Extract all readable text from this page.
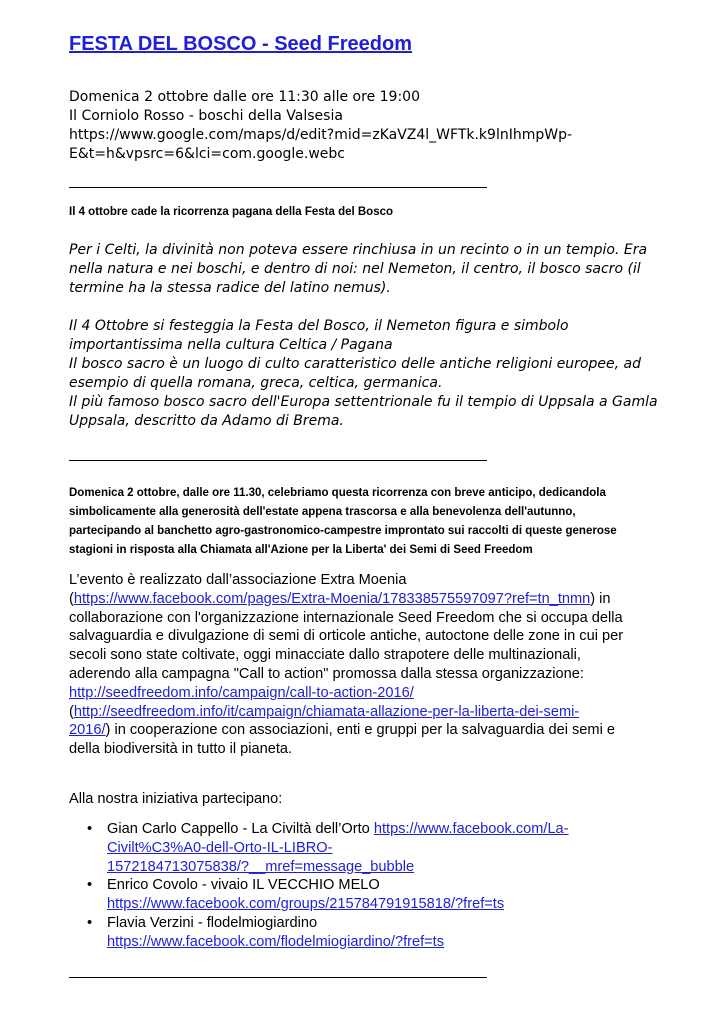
FESTA DEL BOSCO - Seed Freedom
Domenica 2 ottobre dalle ore 11:30 alle ore 19:00
Il Corniolo Rosso - boschi della Valsesia
https://www.google.com/maps/d/edit?mid=zKaVZ4l_WFTk.k9lnIhmpWp-
E&t=h&vpsrc=6&lci=com.google.webc
Il 4 ottobre cade la ricorrenza pagana della Festa del Bosco
Per i Celti, la divinità non poteva essere rinchiusa in un recinto o in un tempio. Era
nella natura e nei boschi, e dentro di noi: nel Nemeton, il centro, il bosco sacro (il
termine ha la stessa radice del latino nemus).
Il 4 Ottobre si festeggia la Festa del Bosco, il Nemeton figura e simbolo
importantissima nella cultura Celtica / Pagana
Il bosco sacro è un luogo di culto caratteristico delle antiche religioni europee, ad
esempio di quella romana, greca, celtica, germanica.
Il più famoso bosco sacro dell'Europa settentrionale fu il tempio di Uppsala a Gamla
Uppsala, descritto da Adamo di Brema.
Domenica 2 ottobre, dalle ore 11.30, celebriamo questa ricorrenza con breve anticipo, dedicandola
simbolicamente alla generosità dell'estate appena trascorsa e alla benevolenza dell'autunno,
partecipando al banchetto agro-gastronomico-campestre improntato sui raccolti di queste generose
stagioni in risposta alla Chiamata all'Azione per la Liberta' dei Semi di Seed Freedom
L’evento è realizzato dall’associazione Extra Moenia
(https://www.facebook.com/pages/Extra-Moenia/178338575597097?ref=tn_tnmn) in
collaborazione con l'organizzazione internazionale Seed Freedom che si occupa della
salvaguardia e divulgazione di semi di orticole antiche, autoctone delle zone in cui per
secoli sono state coltivate, oggi minacciate dallo strapotere delle multinazionali,
aderendo alla campagna "Call to action" promossa dalla stessa organizzazione:
http://seedfreedom.info/campaign/call-to-action-2016/
(http://seedfreedom.info/it/campaign/chiamata-allazione-per-la-liberta-dei-semi-
2016/) in cooperazione con associazioni, enti e gruppi per la salvaguardia dei semi e
della biodiversità in tutto il pianeta.
Alla nostra iniziativa partecipano:
• Gian Carlo Cappello - La Civiltà dell’Orto https://www.facebook.com/La-
Civilt%C3%A0-dell-Orto-IL-LIBRO-
1572184713075838/?__mref=message_bubble
• Enrico Covolo - vivaio IL VECCHIO MELO
https://www.facebook.com/groups/215784791915818/?fref=ts
• Flavia Verzini - flodelmiogiardino
https://www.facebook.com/flodelmiogiardino/?fref=ts
